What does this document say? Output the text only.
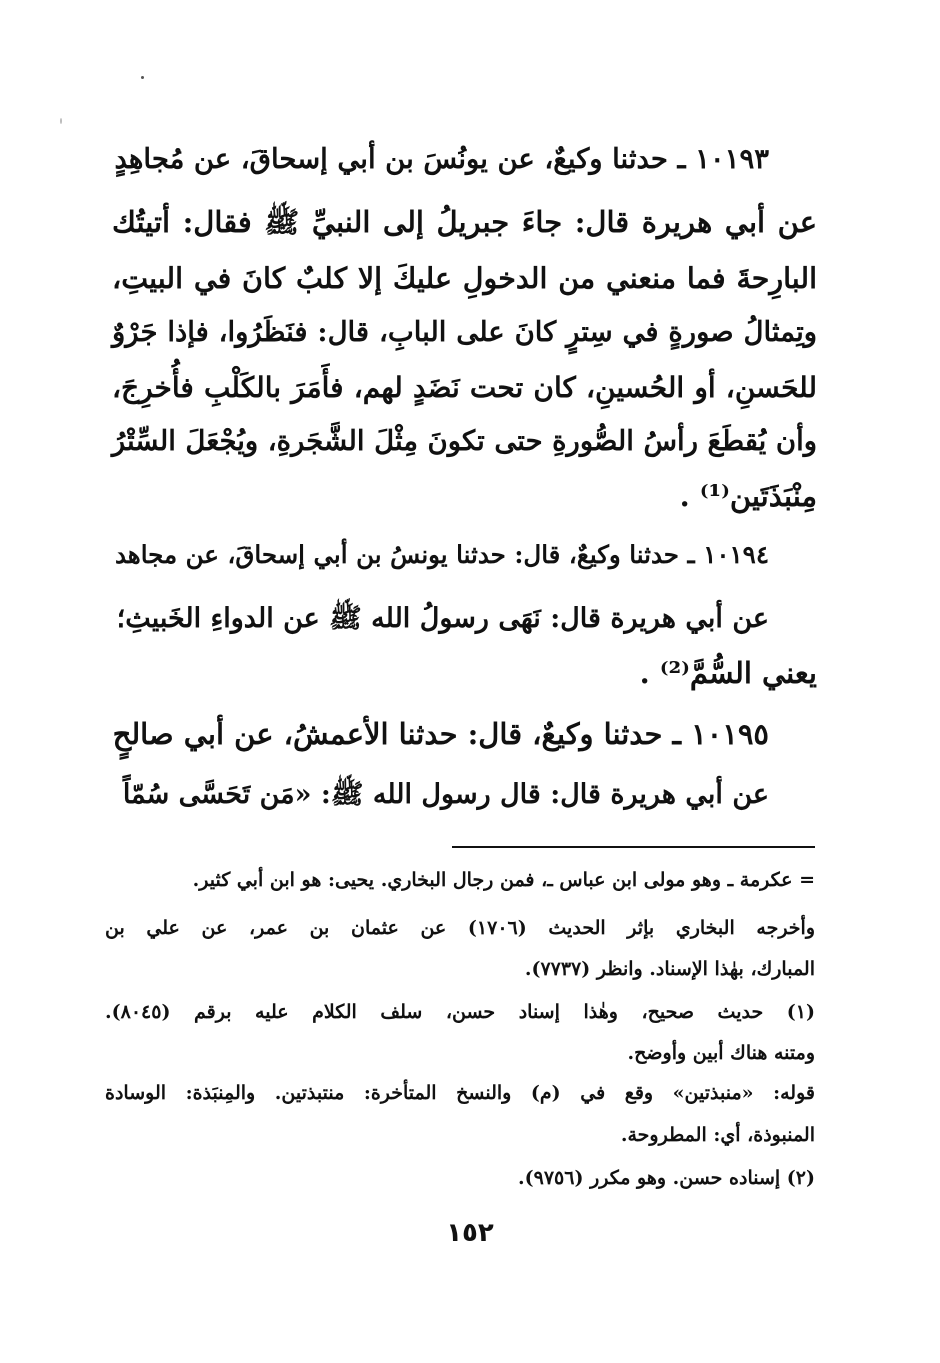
١٠١٩٣ ـ حدثنا وكيعٌ، عن يونُسَ بن أبي إسحاقَ، عن مُجاهِدٍ
عن أبي هريرة قال: جاءَ جبريلُ إلى النبيِّ ﷺ فقال: أتيتُك
البارِحةَ فما منعني من الدخولِ عليكَ إلا كلبٌ كانَ في البيتِ،
وتِمثالُ صورةٍ في سِترٍ كانَ على البابِ، قال: فنَظَرُوا، فإذا جَرْوٌ
للحَسنِ، أو الحُسينِ، كان تحت نَضَدٍ لهم، فأَمَرَ بالكَلْبِ فأُخرِجَ،
وأن يُقطَعَ رأسُ الصُّورةِ حتى تكونَ مِثْلَ الشَّجَرةِ، ويُجْعَلَ السِّتْرُ
مِنْبَذَتَين⁽¹⁾ .
١٠١٩٤ ـ حدثنا وكيعٌ، قال: حدثنا يونسُ بن أبي إسحاقَ، عن مجاهد
عن أبي هريرة قال: نَهَى رسولُ الله ﷺ عن الدواءِ الخَبيثِ؛
يعني السُّمَّ⁽²⁾ .
١٠١٩٥ ـ حدثنا وكيعٌ، قال: حدثنا الأعمشُ، عن أبي صالحٍ
عن أبي هريرة قال: قال رسول الله ﷺ: «مَن تَحَسَّى سُمّاً
= عكرمة ـ وهو مولى ابن عباس ـ، فمن رجال البخاري. يحيى: هو ابن أبي كثير.
وأخرجه البخاري بإثر الحديث (١٧٠٦) عن عثمان بن عمر، عن علي بن
المبارك، بهٰذا الإسناد. وانظر (٧٧٣٧).
(١) حديث صحيح، وهٰذا إسناد حسن، سلف الكلام عليه برقم (٨٠٤٥).
ومتنه هناك أبين وأوضح.
قوله: «منبذتين» وقع في (م) والنسخ المتأخرة: منتبذتين. والمِنبَذة: الوسادة
المنبوذة، أي: المطروحة.
(٢) إسناده حسن. وهو مكرر (٩٧٥٦).
١٥٢
